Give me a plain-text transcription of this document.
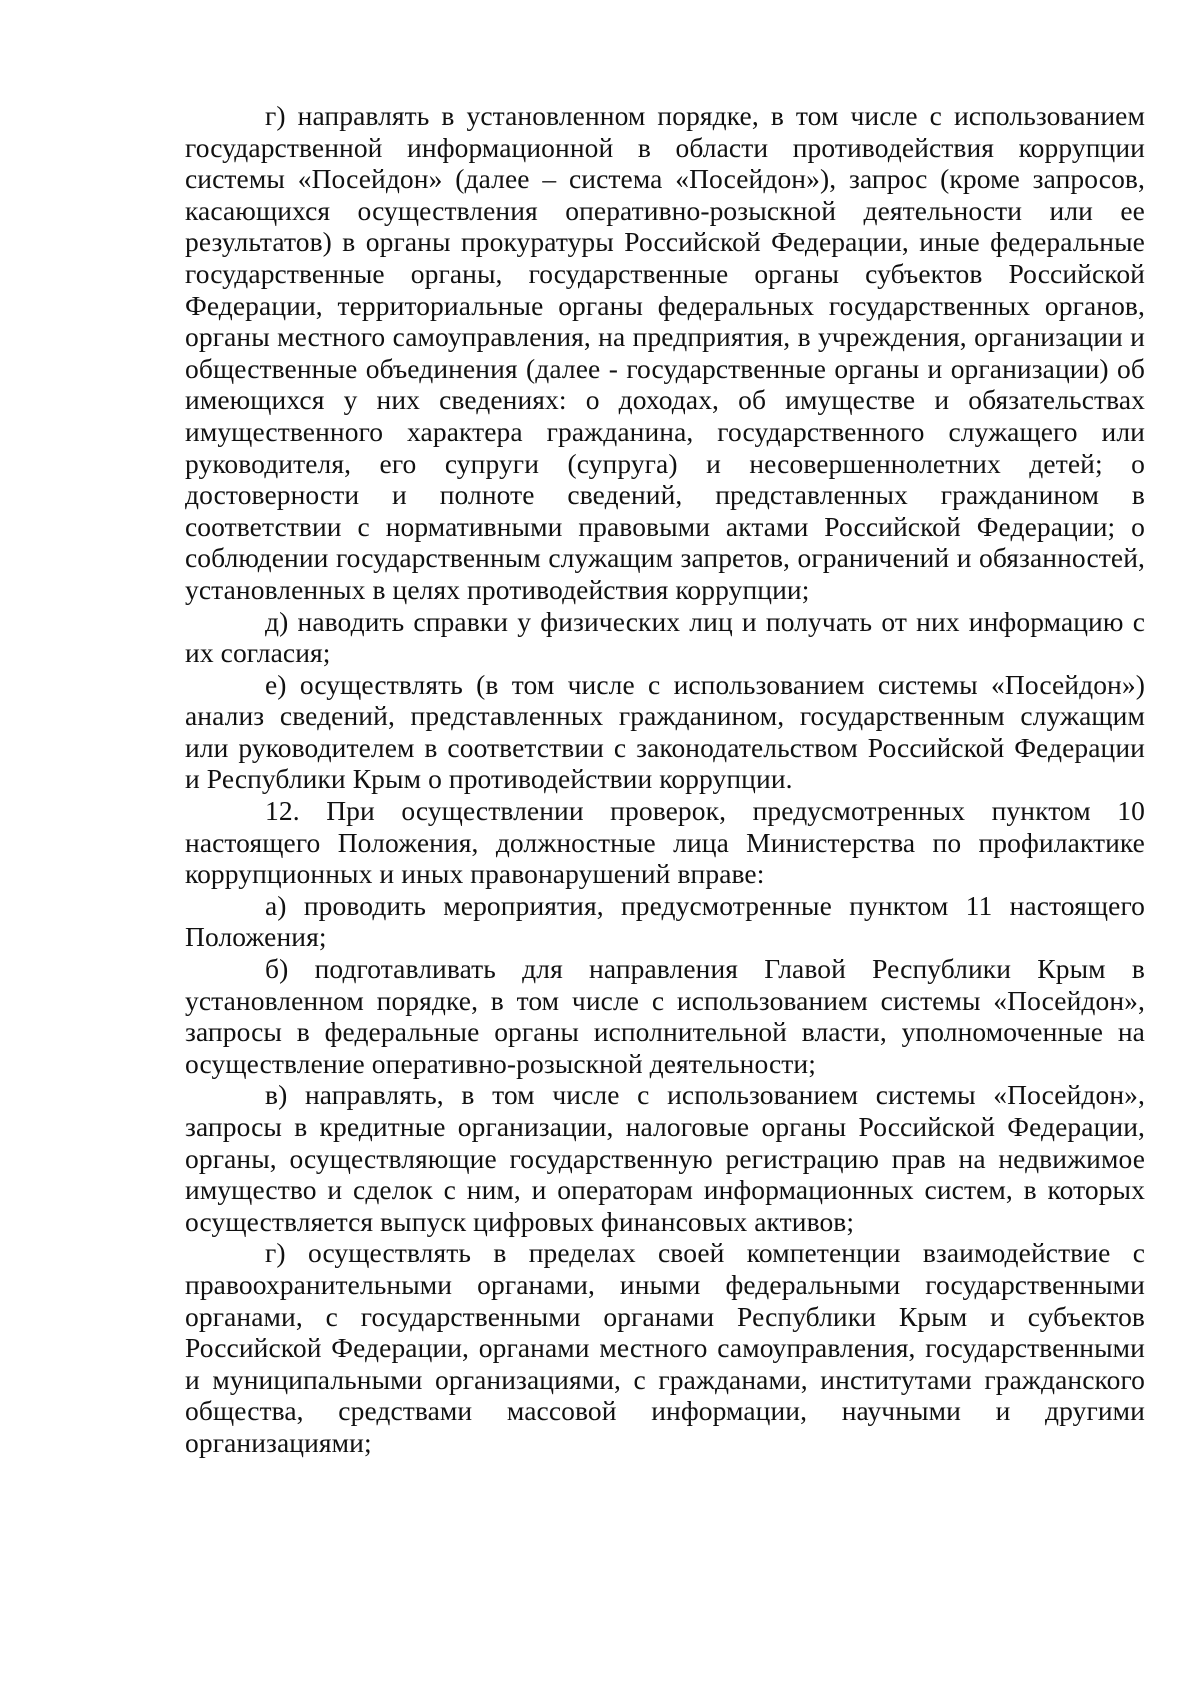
г) направлять в установленном порядке, в том числе с использованием государственной информационной в области противодействия коррупции системы «Посейдон» (далее – система «Посейдон»), запрос (кроме запросов, касающихся осуществления оперативно-розыскной деятельности или ее результатов) в органы прокуратуры Российской Федерации, иные федеральные государственные органы, государственные органы субъектов Российской Федерации, территориальные органы федеральных государственных органов, органы местного самоуправления, на предприятия, в учреждения, организации и общественные объединения (далее - государственные органы и организации) об имеющихся у них сведениях: о доходах, об имуществе и обязательствах имущественного характера гражданина, государственного служащего или руководителя, его супруги (супруга) и несовершеннолетних детей; о достоверности и полноте сведений, представленных гражданином в соответствии с нормативными правовыми актами Российской Федерации; о соблюдении государственным служащим запретов, ограничений и обязанностей, установленных в целях противодействия коррупции;

д) наводить справки у физических лиц и получать от них информацию с их согласия;

е) осуществлять (в том числе с использованием системы «Посейдон») анализ сведений, представленных гражданином, государственным служащим или руководителем в соответствии с законодательством Российской Федерации и Республики Крым о противодействии коррупции.

12. При осуществлении проверок, предусмотренных пунктом 10 настоящего Положения, должностные лица Министерства по профилактике коррупционных и иных правонарушений вправе:

а) проводить мероприятия, предусмотренные пунктом 11 настоящего Положения;

б) подготавливать для направления Главой Республики Крым в установленном порядке, в том числе с использованием системы «Посейдон», запросы в федеральные органы исполнительной власти, уполномоченные на осуществление оперативно-розыскной деятельности;

в) направлять, в том числе с использованием системы «Посейдон», запросы в кредитные организации, налоговые органы Российской Федерации, органы, осуществляющие государственную регистрацию прав на недвижимое имущество и сделок с ним, и операторам информационных систем, в которых осуществляется выпуск цифровых финансовых активов;

г) осуществлять в пределах своей компетенции взаимодействие с правоохранительными органами, иными федеральными государственными органами, с государственными органами Республики Крым и субъектов Российской Федерации, органами местного самоуправления, государственными и муниципальными организациями, с гражданами, институтами гражданского общества, средствами массовой информации, научными и другими организациями;
